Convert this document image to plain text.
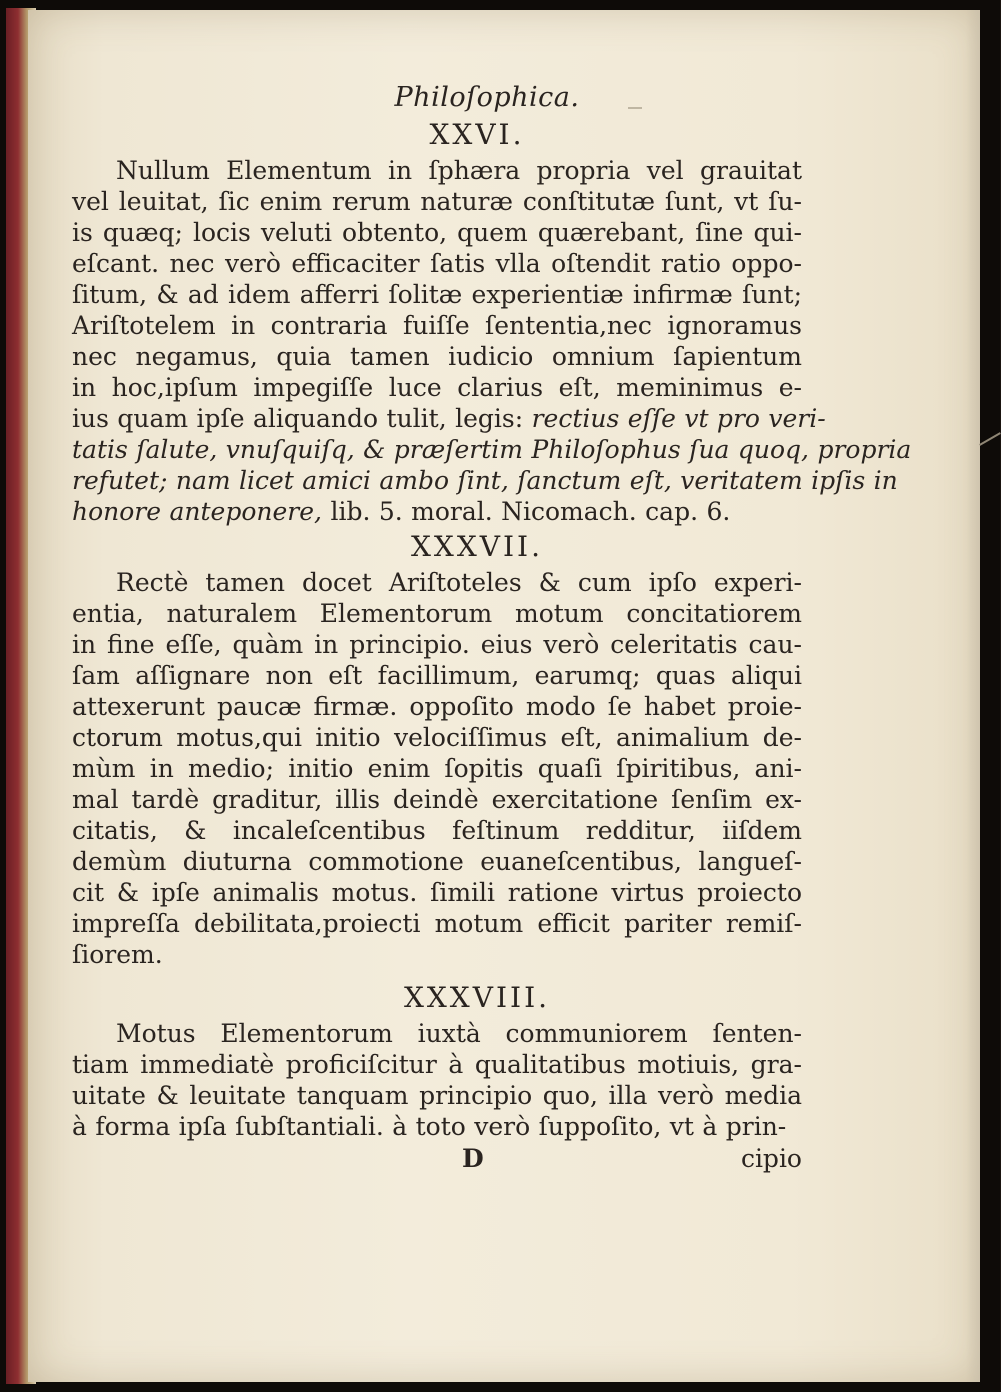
Philoſophica.
XXVI.
Nullum Elementum in ſphæra propria vel grauitat
vel leuitat, ſic enim rerum naturæ conſtitutæ ſunt, vt ſu-
is quæq; locis veluti obtento, quem quærebant, ſine qui-
eſcant. nec verò efficaciter ſatis vlla oſtendit ratio oppo-
ſitum, & ad idem afferri ſolitæ experientiæ infirmæ ſunt;
Ariſtotelem in contraria fuiſſe ſententia,nec ignoramus
nec negamus, quia tamen iudicio omnium ſapientum
in hoc,ipſum impegiſſe luce clarius eſt, meminimus e-
ius quam ipſe aliquando tulit, legis: rectius eſſe vt pro veri-
tatis ſalute, vnuſquiſq, & præſertim Philoſophus ſua quoq, propria
refutet; nam licet amici ambo ſint, ſanctum eſt, veritatem ipſis in
honore anteponere, lib. 5. moral. Nicomach. cap. 6.
XXXVII.
Rectè tamen docet Ariſtoteles & cum ipſo experi-
entia, naturalem Elementorum motum concitatiorem
in fine eſſe, quàm in principio. eius verò celeritatis cau-
ſam aſſignare non eſt facillimum, earumq; quas aliqui
attexerunt paucæ firmæ. oppoſito modo ſe habet proie-
ctorum motus,qui initio velociſſimus eſt, animalium de-
mùm in medio; initio enim ſopitis quaſi ſpiritibus, ani-
mal tardè graditur, illis deindè exercitatione ſenſim ex-
citatis, & incaleſcentibus feſtinum redditur, iiſdem
demùm diuturna commotione euaneſcentibus, langueſ-
cit & ipſe animalis motus. ſimili ratione virtus proiecto
impreſſa debilitata,proiecti motum efficit pariter remiſ-
ſiorem.
XXXVIII.
Motus Elementorum iuxtà communiorem ſenten-
tiam immediatè proficiſcitur à qualitatibus motiuis, gra-
uitate & leuitate tanquam principio quo, illa verò media
à forma ipſa ſubſtantiali. à toto verò ſuppoſito, vt à prin-
D	cipio
